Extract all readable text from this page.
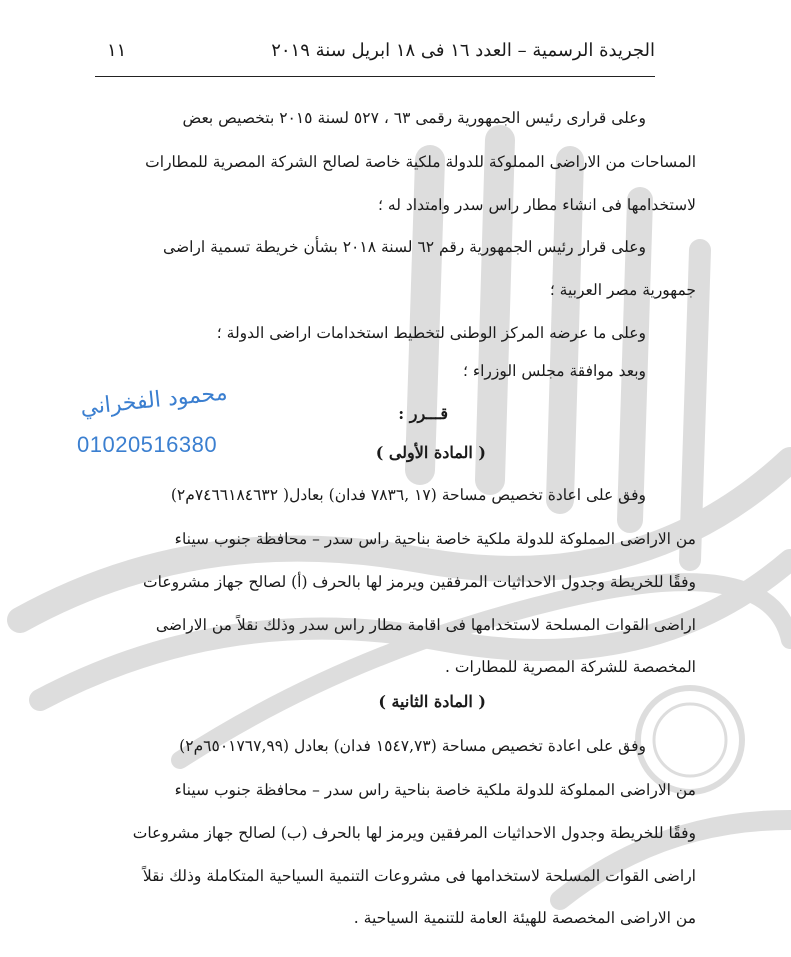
الجريدة الرسمية – العدد ١٦ فى ١٨ ابريل سنة ٢٠١٩
١١
وعلى قرارى رئيس الجمهورية رقمى ٦٣ ، ٥٢٧ لسنة ٢٠١٥ بتخصيص بعض
المساحات من الاراضى المملوكة للدولة ملكية خاصة لصالح الشركة المصرية للمطارات
لاستخدامها فى انشاء مطار راس سدر وامتداد له ؛
وعلى قرار رئيس الجمهورية رقم ٦٢ لسنة ٢٠١٨ بشأن خريطة تسمية اراضى
جمهورية مصر العربية ؛
وعلى ما عرضه المركز الوطنى لتخطيط استخدامات اراضى الدولة ؛
وبعد موافقة مجلس الوزراء ؛
قـــرر :
( المادة الأولى )
وفق على اعادة تخصيص مساحة (١٧ ,٧٨٣٦ فدان) بعادل( ٧٤٦٦١٨٤٦٣٢م٢)
من الاراضى المملوكة للدولة ملكية خاصة بناحية راس سدر – محافظة جنوب سيناء
وفقًا للخريطة وجدول الاحداثيات المرفقين ويرمز لها بالحرف (أ) لصالح جهاز مشروعات
اراضى القوات المسلحة لاستخدامها فى اقامة مطار راس سدر وذلك نقلاً من الاراضى
المخصصة للشركة المصرية للمطارات .
( المادة الثانية )
وفق على اعادة تخصيص مساحة (١٥٤٧,٧٣ فدان) بعادل (٦٥٠١٧٦٧,٩٩م٢)
من الاراضى المملوكة للدولة ملكية خاصة بناحية راس سدر – محافظة جنوب سيناء
وفقًا للخريطة وجدول الاحداثيات المرفقين ويرمز لها بالحرف (ب) لصالح جهاز مشروعات
اراضى القوات المسلحة لاستخدامها فى مشروعات التنمية السياحية المتكاملة وذلك نقلاً
من الاراضى المخصصة للهيئة العامة للتنمية السياحية .
محمود الفخراني
01020516380
